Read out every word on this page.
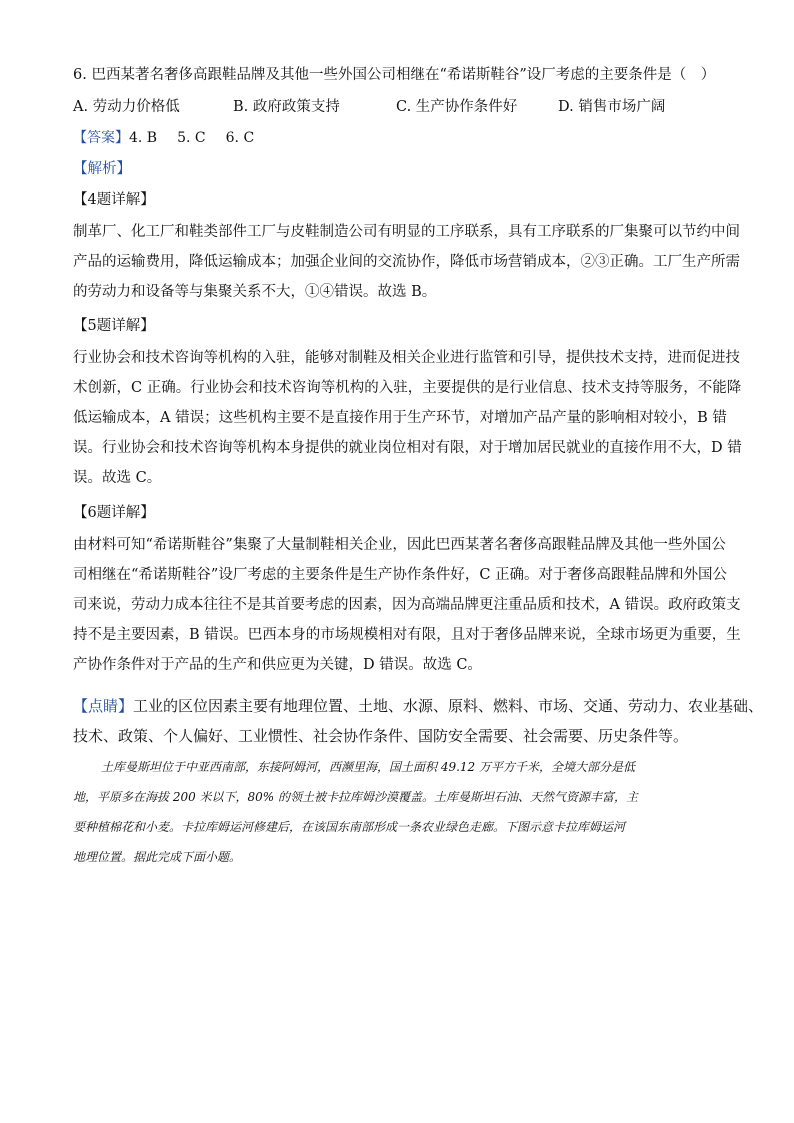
6. 巴西某著名奢侈高跟鞋品牌及其他一些外国公司相继在“希诺斯鞋谷”设厂考虑的主要条件是（　）
A. 劳动力价格低	B. 政府政策支持	C. 生产协作条件好	D. 销售市场广阔
【答案】4. B 5. C 6. C
【解析】
【4题详解】
制革厂、化工厂和鞋类部件工厂与皮鞋制造公司有明显的工序联系，具有工序联系的厂集聚可以节约中间
产品的运输费用，降低运输成本；加强企业间的交流协作，降低市场营销成本，②③正确。工厂生产所需
的劳动力和设备等与集聚关系不大，①④错误。故选 B。
【5题详解】
行业协会和技术咨询等机构的入驻，能够对制鞋及相关企业进行监管和引导，提供技术支持，进而促进技
术创新，C 正确。行业协会和技术咨询等机构的入驻，主要提供的是行业信息、技术支持等服务，不能降
低运输成本，A 错误；这些机构主要不是直接作用于生产环节，对增加产品产量的影响相对较小，B 错
误。行业协会和技术咨询等机构本身提供的就业岗位相对有限，对于增加居民就业的直接作用不大，D 错
误。故选 C。
【6题详解】
由材料可知“希诺斯鞋谷”集聚了大量制鞋相关企业，因此巴西某著名奢侈高跟鞋品牌及其他一些外国公
司相继在“希诺斯鞋谷”设厂考虑的主要条件是生产协作条件好，C 正确。对于奢侈高跟鞋品牌和外国公
司来说，劳动力成本往往不是其首要考虑的因素，因为高端品牌更注重品质和技术，A 错误。政府政策支
持不是主要因素，B 错误。巴西本身的市场规模相对有限，且对于奢侈品牌来说，全球市场更为重要，生
产协作条件对于产品的生产和供应更为关键，D 错误。故选 C。
【点睛】工业的区位因素主要有地理位置、土地、水源、原料、燃料、市场、交通、劳动力、农业基础、
技术、政策、个人偏好、工业惯性、社会协作条件、国防安全需要、社会需要、历史条件等。
土库曼斯坦位于中亚西南部，东接阿姆河，西濒里海，国土面积 49.12 万平方千米，全境大部分是低
地，平原多在海拔 200 米以下，80% 的领土被卡拉库姆沙漠覆盖。土库曼斯坦石油、天然气资源丰富，主
要种植棉花和小麦。卡拉库姆运河修建后，在该国东南部形成一条农业绿色走廊。下图示意卡拉库姆运河
地理位置。据此完成下面小题。
